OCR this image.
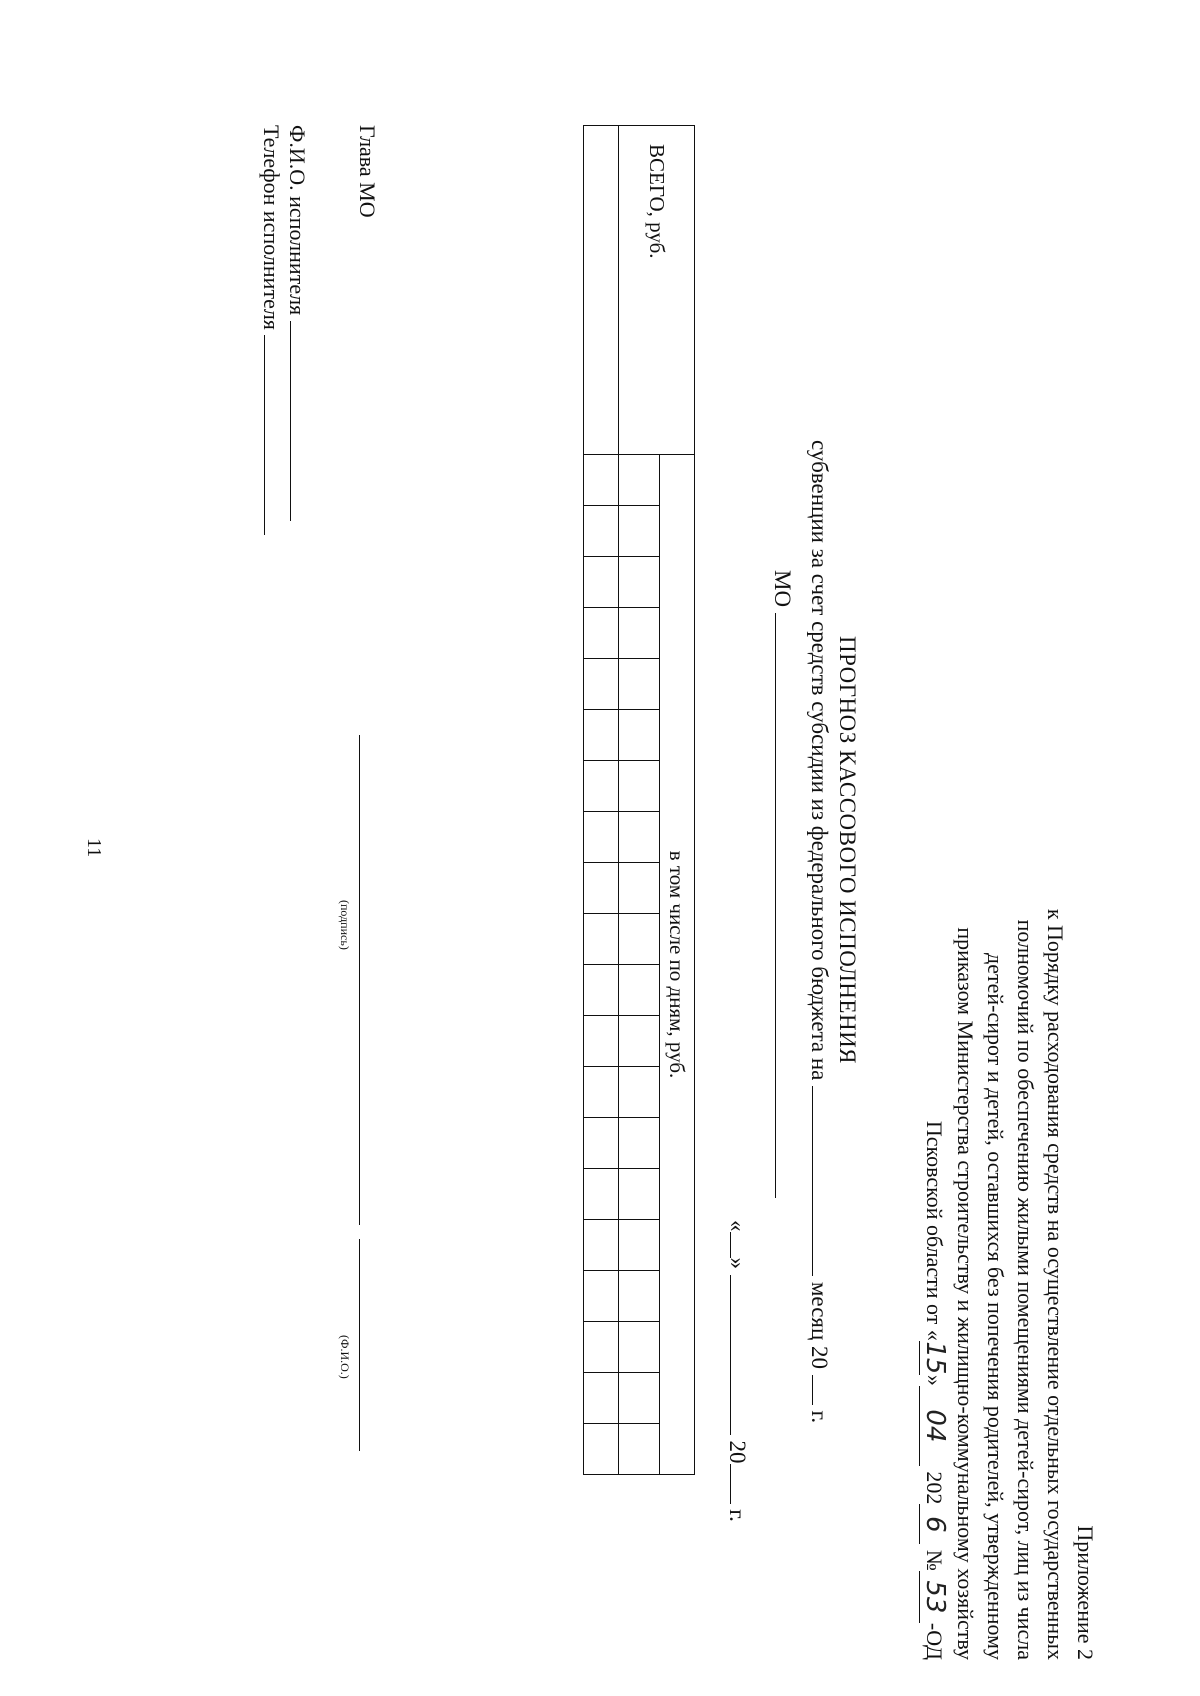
11
Приложение 2
к Порядку расходования средств на осуществление отдельных государственных
полномочий по обеспечению жилыми помещениями детей-сирот, лиц из числа
детей-сирот и детей, оставшихся без попечения родителей, утвержденному
приказом Министерства строительству и жилищно-коммунальному хозяйству
Псковской области от «15»04 2026 №53-ОД
ПРОГНОЗ КАССОВОГО ИСПОЛНЕНИЯ
субвенции за счет средств субсидии из федерального бюджета на  месяц 20  г.
МО
«»  20 г.
ВСЕГО, руб.	в том числе по дням, руб.																			

Глава МО
(подпись)
(Ф.И.О.)
Ф.И.О. исполнителя
Телефон исполнителя
